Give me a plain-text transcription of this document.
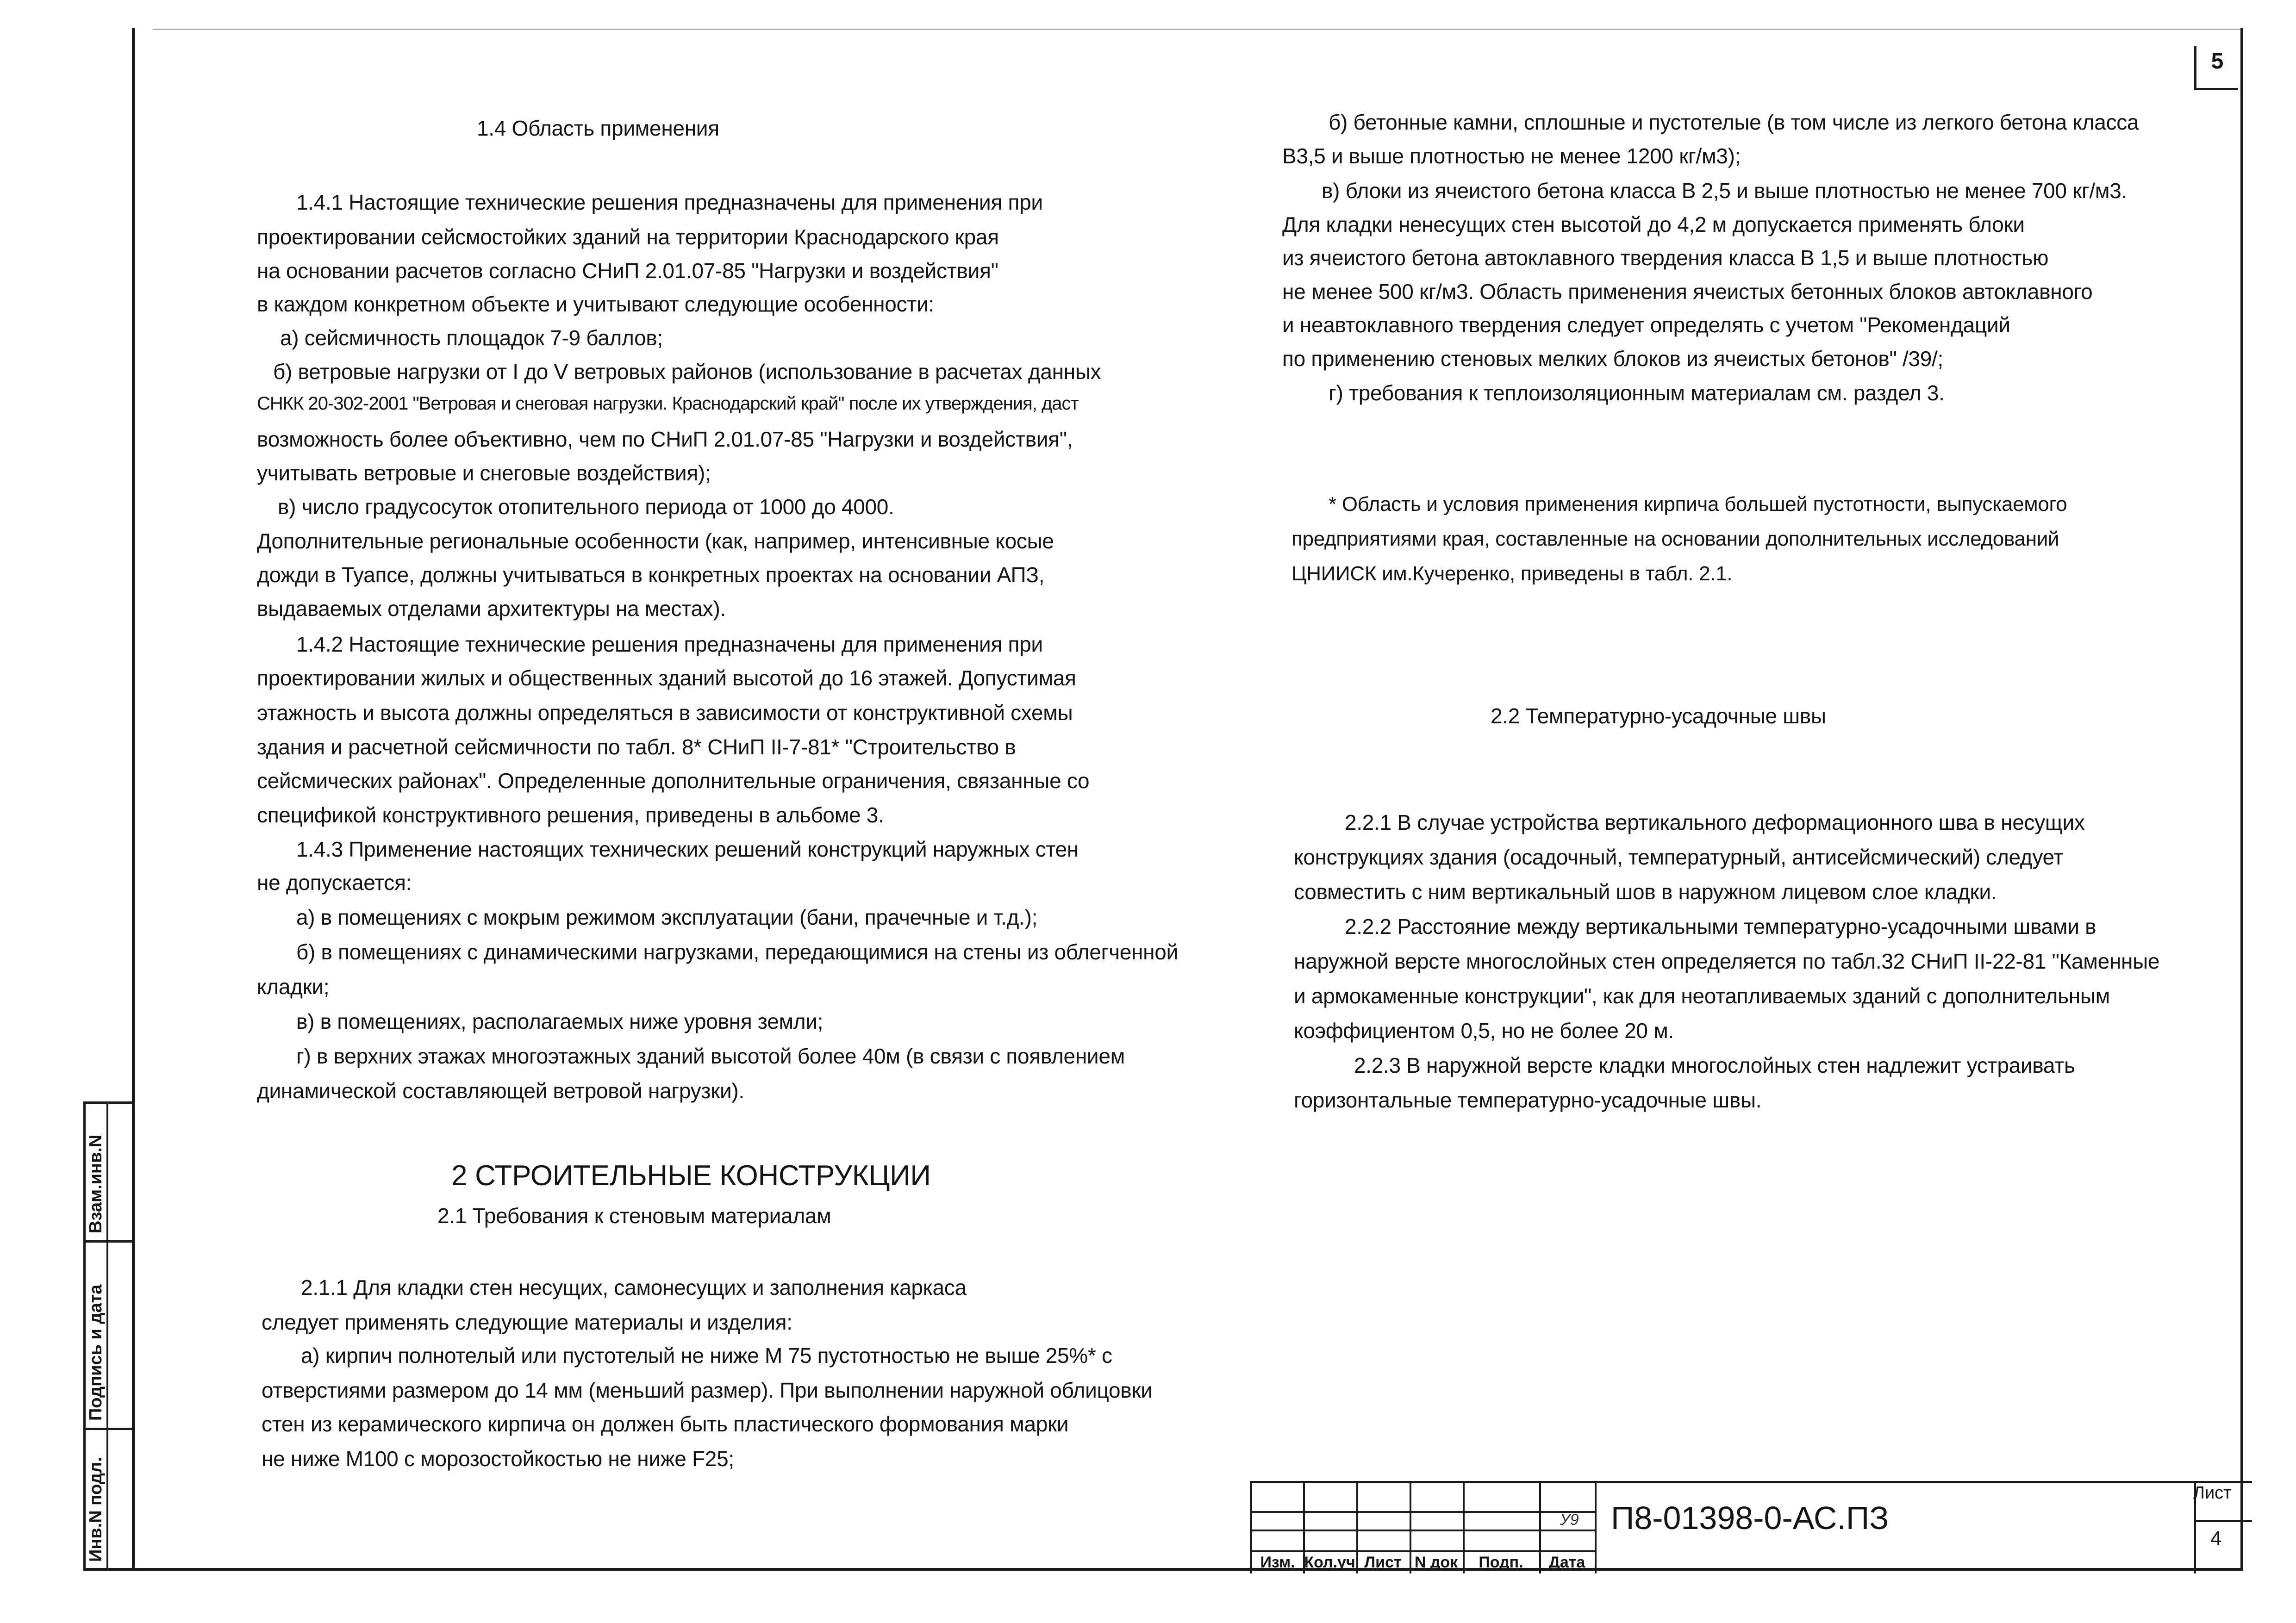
5
1.4 Область применения
1.4.1 Настоящие технические решения предназначены для применения при
проектировании сейсмостойких зданий на территории Краснодарского края
на основании расчетов согласно СНиП 2.01.07-85 "Нагрузки и воздействия"
в каждом конкретном объекте и учитывают следующие особенности:
а) сейсмичность площадок 7-9 баллов;
б) ветровые нагрузки от I до V ветровых районов (использование в расчетах данных
СНКК 20-302-2001 "Ветровая и снеговая нагрузки. Краснодарский край" после их утверждения, даст
возможность более объективно, чем по СНиП 2.01.07-85 "Нагрузки и воздействия",
учитывать ветровые и снеговые воздействия);
в) число градусосуток отопительного периода от 1000 до 4000.
Дополнительные региональные особенности (как, например, интенсивные косые
дожди в Туапсе, должны учитываться в конкретных проектах на основании АПЗ,
выдаваемых отделами архитектуры на местах).
1.4.2 Настоящие технические решения предназначены для применения при
проектировании жилых и общественных зданий высотой до 16 этажей. Допустимая
этажность и высота должны определяться в зависимости от конструктивной схемы
здания и расчетной сейсмичности по табл. 8* СНиП II-7-81* "Строительство в
сейсмических районах". Определенные дополнительные ограничения, связанные со
спецификой конструктивного решения, приведены в альбоме 3.
1.4.3 Применение настоящих технических решений конструкций наружных стен
не допускается:
а) в помещениях с мокрым режимом эксплуатации (бани, прачечные и т.д.);
б) в помещениях с динамическими нагрузками, передающимися на стены из облегченной
кладки;
в) в помещениях, располагаемых ниже уровня земли;
г) в верхних этажах многоэтажных зданий высотой более 40м (в связи с появлением
динамической составляющей ветровой нагрузки).
2 СТРОИТЕЛЬНЫЕ КОНСТРУКЦИИ
2.1 Требования к стеновым материалам
2.1.1 Для кладки стен несущих, самонесущих и заполнения каркаса
следует применять следующие материалы и изделия:
а) кирпич полнотелый или пустотелый не ниже М 75 пустотностью не выше 25%* с
отверстиями размером до 14 мм (меньший размер). При выполнении наружной облицовки
стен из керамического кирпича он должен быть пластического формования марки
не ниже М100 с морозостойкостью не ниже F25;
б) бетонные камни, сплошные и пустотелые (в том числе из легкого бетона класса
В3,5 и выше плотностью не менее 1200 кг/м3);
в) блоки из ячеистого бетона класса В 2,5 и выше плотностью не менее 700 кг/м3.
Для кладки ненесущих стен высотой до 4,2 м допускается применять блоки
из ячеистого бетона автоклавного твердения класса В 1,5 и выше плотностью
не менее 500 кг/м3. Область применения ячеистых бетонных блоков автоклавного
и неавтоклавного твердения следует определять с учетом "Рекомендаций
по применению стеновых мелких блоков из ячеистых бетонов" /39/;
г) требования к теплоизоляционным материалам см. раздел 3.
* Область и условия применения кирпича большей пустотности, выпускаемого
предприятиями края, составленные на основании дополнительных исследований
ЦНИИСК им.Кучеренко, приведены в табл. 2.1.
2.2 Температурно-усадочные швы
2.2.1 В случае устройства вертикального деформационного шва в несущих
конструкциях здания (осадочный, температурный, антисейсмический) следует
совместить с ним вертикальный шов в наружном лицевом слое кладки.
2.2.2 Расстояние между вертикальными температурно-усадочными швами в
наружной версте многослойных стен определяется по табл.32 СНиП II-22-81 "Каменные
и армокаменные конструкции", как для неотапливаемых зданий с дополнительным
коэффициентом 0,5, но не более 20 м.
2.2.3 В наружной версте кладки многослойных стен надлежит устраивать
горизонтальные температурно-усадочные швы.
Взам.инв.N
Подпись и дата
Инв.N подл.
Изм. Кол.уч Лист N док	Подп.	Дата
У9 П8-01398-0-АС.ПЗ
Лист
4
